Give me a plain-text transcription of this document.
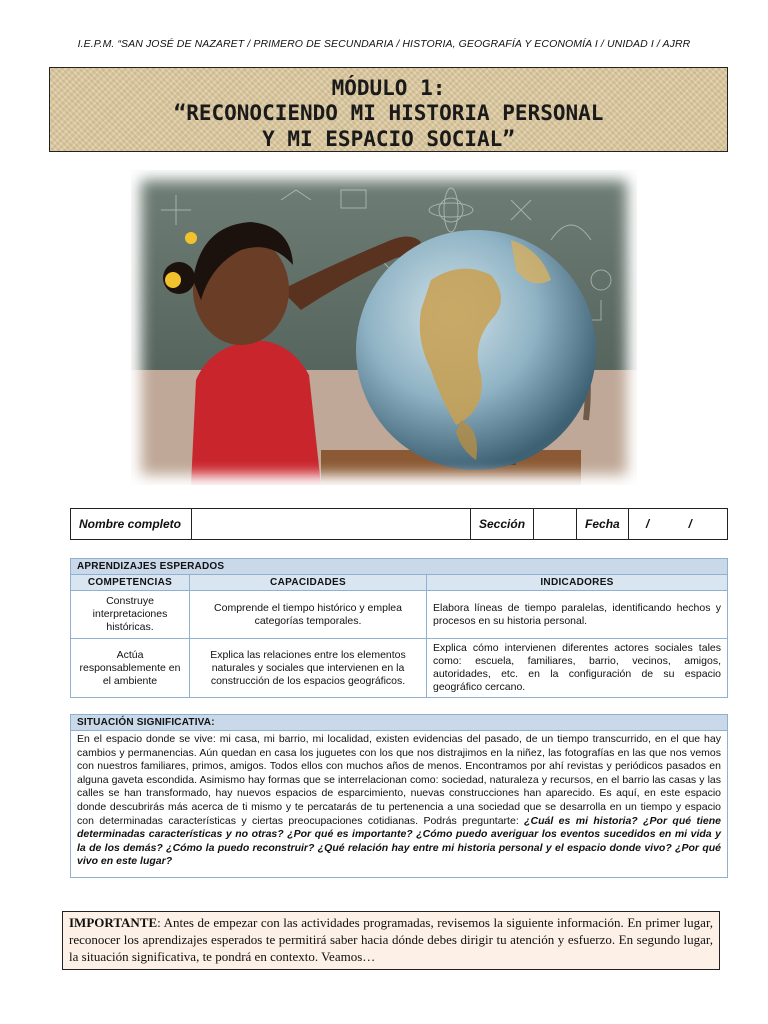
I.E.P.M. “SAN JOSÉ DE NAZARET / PRIMERO DE SECUNDARIA / HISTORIA, GEOGRAFÍA Y ECONOMÍA I / UNIDAD I / AJRR
MÓDULO 1:
“RECONOCIENDO MI HISTORIA PERSONAL
Y MI ESPACIO SOCIAL”
Nombre completo		Sección		Fecha	/ /
APRENDIZAJES ESPERADOS		
COMPETENCIAS	CAPACIDADES	INDICADORES
Construye interpretaciones históricas.	Comprende el tiempo histórico y emplea categorías temporales.	Elabora líneas de tiempo paralelas, identificando hechos y procesos en su historia personal.
Actúa responsablemente en el ambiente	Explica las relaciones entre los elementos naturales y sociales que intervienen en la construcción de los espacios geográficos.	Explica cómo intervienen diferentes actores sociales tales como: escuela, familiares, barrio, vecinos, amigos, autoridades, etc. en la configuración de su espacio geográfico cercano.
SITUACIÓN SIGNIFICATIVA:
En el espacio donde se vive: mi casa, mi barrio, mi localidad, existen evidencias del pasado, de un tiempo transcurrido, en el que hay cambios y permanencias. Aún quedan en casa los juguetes con los que nos distrajimos en la niñez, las fotografías en las que nos vemos con nuestros familiares, primos, amigos. Todos ellos con muchos años de menos. Encontramos por ahí revistas y periódicos pasados en alguna gaveta escondida. Asimismo hay formas que se interrelacionan como: sociedad, naturaleza y recursos, en el barrio las casas y las calles se han transformado, hay nuevos espacios de esparcimiento, nuevas construcciones han aparecido. Es aquí, en este espacio donde descubrirás más acerca de ti mismo y te percatarás de tu pertenencia a una sociedad que se desarrolla en un tiempo y espacio con determinadas características y ciertas preocupaciones cotidianas. Podrás preguntarte: ¿Cuál es mi historia? ¿Por qué tiene determinadas características y no otras? ¿Por qué es importante? ¿Cómo puedo averiguar los eventos sucedidos en mi vida y la de los demás? ¿Cómo la puedo reconstruir? ¿Qué relación hay entre mi historia personal y el espacio donde vivo? ¿Por qué vivo en este lugar?
IMPORTANTE: Antes de empezar con las actividades programadas, revisemos la siguiente información. En primer lugar, reconocer los aprendizajes esperados te permitirá saber hacia dónde debes dirigir tu atención y esfuerzo. En segundo lugar, la situación significativa, te pondrá en contexto. Veamos…
